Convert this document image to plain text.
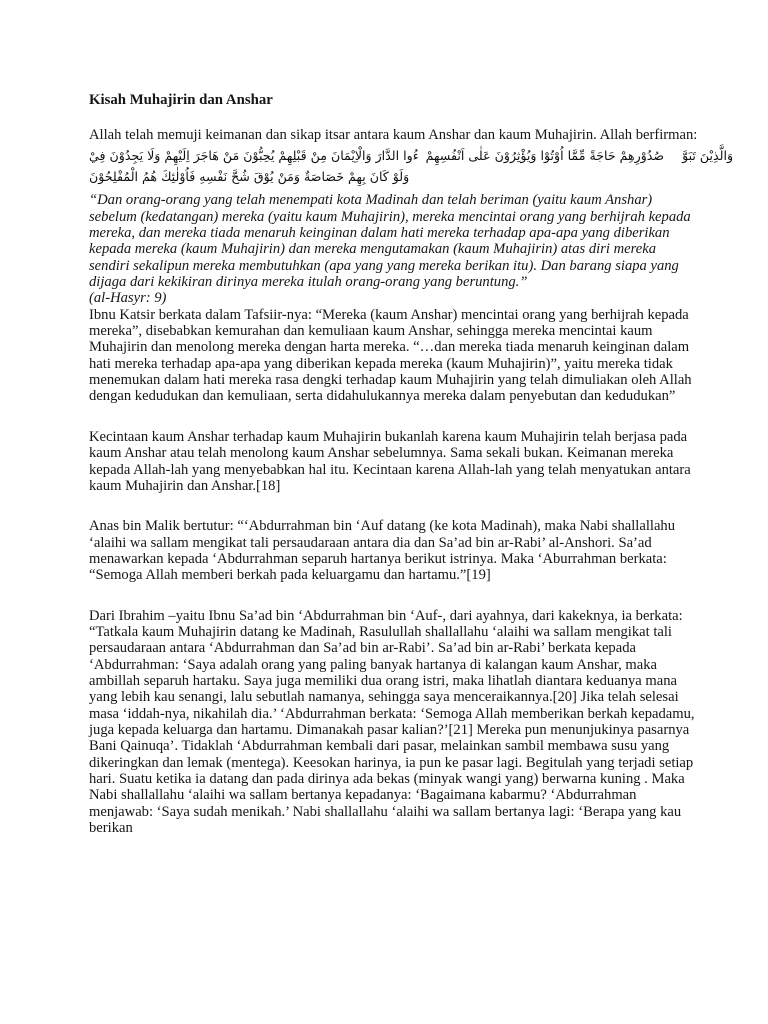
Kisah Muhajirin dan Anshar

Allah telah memuji keimanan dan sikap itsar antara kaum Anshar dan kaum Muhajirin. Allah berfirman:

ءُوا الدَّارَ وَالْاِيْمَانَ مِنْ قَبْلِهِمْ يُحِبُّوْنَ مَنْ هَاجَرَ اِلَيْهِمْ وَلَا يَجِدُوْنَ فِيْ صُدُوْرِهِمْ حَاجَةً مِّمَّا اُوْتُوْا وَيُؤْثِرُوْنَ عَلٰى اَنْفُسِهِمْ وَالَّذِيْنَ تَبَوَّ
وَلَوْ كَانَ بِهِمْ خَصَاصَةٌ وَمَنْ يُوْقَ شُحَّ نَفْسِهِ فَاُوْلٰئِكَ هُمُ الْمُفْلِحُوْنَ

“Dan orang-orang yang telah menempati kota Madinah dan telah beriman (yaitu kaum Anshar) sebelum (kedatangan) mereka (yaitu kaum Muhajirin), mereka mencintai orang yang berhijrah kepada mereka, dan mereka tiada menaruh keinginan dalam hati mereka terhadap apa-apa yang diberikan kepada mereka (kaum Muhajirin) dan mereka mengutamakan (kaum Muhajirin) atas diri mereka sendiri sekalipun mereka membutuhkan (apa yang yang mereka berikan itu). Dan barang siapa yang dijaga dari kekikiran dirinya mereka itulah orang-orang yang beruntung.”

(al-Hasyr: 9)

Ibnu Katsir berkata dalam Tafsiir-nya: “Mereka (kaum Anshar) mencintai orang yang berhijrah kepada mereka”, disebabkan kemurahan dan kemuliaan kaum Anshar, sehingga mereka mencintai kaum Muhajirin dan menolong mereka dengan harta mereka. “…dan mereka tiada menaruh keinginan dalam hati mereka terhadap apa-apa yang diberikan kepada mereka (kaum Muhajirin)”, yaitu mereka tidak menemukan dalam hati mereka rasa dengki terhadap kaum Muhajirin yang telah dimuliakan oleh Allah dengan kedudukan dan kemuliaan, serta didahulukannya mereka dalam penyebutan dan kedudukan”

Kecintaan kaum Anshar terhadap kaum Muhajirin bukanlah karena kaum Muhajirin telah berjasa pada kaum Anshar atau telah menolong kaum Anshar sebelumnya. Sama sekali bukan. Keimanan mereka kepada Allah-lah yang menyebabkan hal itu. Kecintaan karena Allah-lah yang telah menyatukan antara kaum Muhajirin dan Anshar.[18]

Anas bin Malik bertutur: “‘Abdurrahman bin ‘Auf datang (ke kota Madinah), maka Nabi shallallahu ‘alaihi wa sallam mengikat tali persaudaraan antara dia dan Sa’ad bin ar-Rabi’ al-Anshori. Sa’ad menawarkan kepada ‘Abdurrahman separuh hartanya berikut istrinya. Maka ‘Aburrahman berkata: “Semoga Allah memberi berkah pada keluargamu dan hartamu.”[19]

Dari Ibrahim –yaitu Ibnu Sa’ad bin ‘Abdurrahman bin ‘Auf-, dari ayahnya, dari kakeknya, ia berkata: “Tatkala kaum Muhajirin datang ke Madinah, Rasulullah shallallahu ‘alaihi wa sallam mengikat tali persaudaraan antara ‘Abdurrahman dan Sa’ad bin ar-Rabi’. Sa’ad bin ar-Rabi’ berkata kepada ‘Abdurrahman: ‘Saya adalah orang yang paling banyak hartanya di kalangan kaum Anshar, maka ambillah separuh hartaku. Saya juga memiliki dua orang istri, maka lihatlah diantara keduanya mana yang lebih kau senangi, lalu sebutlah namanya, sehingga saya menceraikannya.[20] Jika telah selesai masa ‘iddah-nya, nikahilah dia.’ ‘Abdurrahman berkata: ‘Semoga Allah memberikan berkah kepadamu, juga kepada keluarga dan hartamu. Dimanakah pasar kalian?’[21] Mereka pun menunjukinya pasarnya Bani Qainuqa’. Tidaklah ‘Abdurrahman kembali dari pasar, melainkan sambil membawa susu yang dikeringkan dan lemak (mentega). Keesokan harinya, ia pun ke pasar lagi. Begitulah yang terjadi setiap hari. Suatu ketika ia datang dan pada dirinya ada bekas (minyak wangi yang) berwarna kuning . Maka Nabi shallallahu ‘alaihi wa sallam bertanya kepadanya: ‘Bagaimana kabarmu? ‘Abdurrahman menjawab: ‘Saya sudah menikah.’ Nabi shallallahu ‘alaihi wa sallam bertanya lagi: ‘Berapa yang kau berikan
